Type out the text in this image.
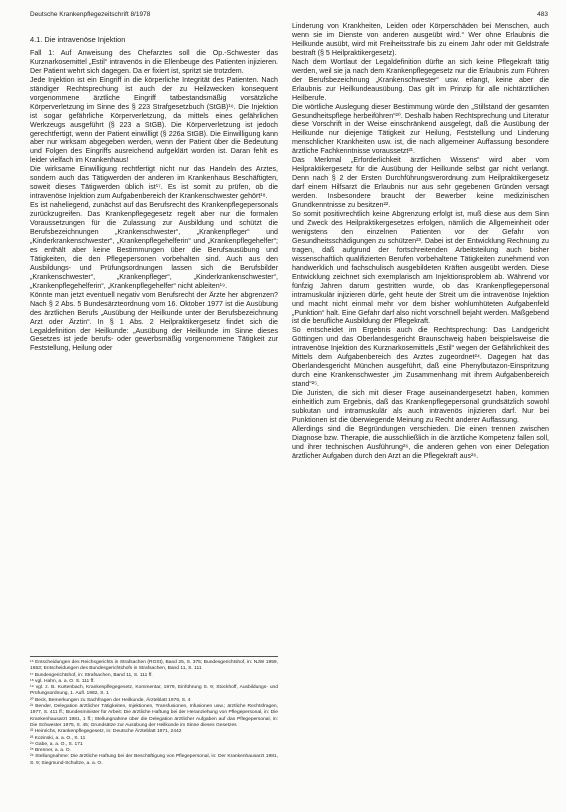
Deutsche Krankenpflegezeitschrift 8/1978	483
4.1. Die intravenöse Injektion

Fall 1: Auf Anweisung des Chefarztes soll die Op.-Schwester das Kurznarkosemittel „Estil“ intravenös in die Ellenbeuge des Patienten injizieren. Der Patient wehrt sich dagegen. Da er fixiert ist, spritzt sie trotzdem.

Jede Injektion ist ein Eingriff in die körperliche Integrität des Patienten. Nach ständiger Rechtsprechung ist auch der zu Heilzwecken konsequent vorgenommene ärztliche Eingriff tatbestandsmäßig vorsätzliche Körperverletzung im Sinne des § 223 Strafgesetzbuch (StGB)¹⁶. Die Injektion ist sogar gefährliche Körperverletzung, da mittels eines gefährlichen Werkzeugs ausgeführt (§ 223 a StGB). Die Körperverletzung ist jedoch gerechtfertigt, wenn der Patient einwilligt (§ 226a StGB). Die Einwilligung kann aber nur wirksam abgegeben werden, wenn der Patient über die Bedeutung und Folgen des Eingriffs ausreichend aufgeklärt worden ist. Daran fehlt es leider vielfach im Krankenhaus!

Die wirksame Einwilligung rechtfertigt nicht nur das Handeln des Arztes, sondern auch das Tätigwerden der anderen im Krankenhaus Beschäftigten, soweit dieses Tätigwerden üblich ist¹⁷. Es ist somit zu prüfen, ob die intravenöse Injektion zum Aufgabenbereich der Krankenschwester gehört¹⁸.

Es ist naheliegend, zunächst auf das Berufsrecht des Krankenpflegepersonals zurückzugreifen. Das Krankenpflegegesetz regelt aber nur die formalen Voraussetzungen für die Zulassung zur Ausbildung und schützt die Berufsbezeichnungen „Krankenschwester“, „Krankenpfleger“ und „Kinderkrankenschwester“, „Krankenpflegehelferin“ und „Krankenpflegehelfer“; es enthält aber keine Bestimmungen über die Berufsausübung und Tätigkeiten, die den Pflegepersonen vorbehalten sind. Auch aus den Ausbildungs- und Prüfungsordnungen lassen sich die Berufsbilder „Krankenschwester“, „Krankenpfleger“, „Kinderkrankenschwester“, „Krankenpflegehelferin“, „Krankenpflegehelfer“ nicht ableiten¹⁹.

Könnte man jetzt eventuell negativ vom Berufsrecht der Ärzte her abgrenzen? Nach § 2 Abs. 5 Bundesärzteordnung vom 16. Oktober 1977 ist die Ausübung des ärztlichen Berufs „Ausübung der Heilkunde unter der Berufsbezeichnung Arzt oder Ärztin“. In § 1 Abs. 2 Heilpraktikergesetz findet sich die Legaldefinition der Heilkunde: „Ausübung der Heilkunde im Sinne dieses Gesetzes ist jede berufs- oder gewerbsmäßig vorgenommene Tätigkeit zur Feststellung, Heilung oder

¹⁶ Entscheidungen des Reichsgerichts in Strafsachen (RGSt), Band 25, S. 375; Bundesgerichtshof, in: NJW 1959, 1653; Entscheidungen des Bundesgerichtshofs in Strafsachen, Band 11, S. 111

¹⁷ Bundesgerichtshof, in: Strafsachen, Band 11, S. 111 ff.

¹⁸ vgl. Hahn, a. a. O. S. 111 ff.

¹⁹ vgl. z. B. Kurtenbach, Krankenpflegegesetz, Kommentar, 1979, Einführung S. 9; Stockhoff, Ausbildungs- und Prüfungsordnung, 1. Aufl. 1982, S. 1

²⁰ Beck, Bemerkungen zu Sachfragen der Heilkunde, Ärzteblatt 1976, S. 4

²¹ Bender, Delegation ärztlicher Tätigkeiten, Injektionen, Transfusionen, Infusionen usw.; ärztliche Rechtsfragen, 1977, S. 411 ff.; Bundesminister für Arbeit: Die ärztliche Haftung bei der Heranziehung von Pflegepersonal, in: Die Krankenhausarzt 1981, 1 ff.; Stellungnahme über die Delegation ärztlicher Aufgaben auf das Pflegepersonal, in: Die Schwester 1975, S. 45; Grundsätze zur Ausübung der Heilkunde im Sinne dieses Gesetzes

²² Heinrichs, Krankenpflegegesetz, in: Deutsche Ärzteblatt 1971, 2442

²³ Kozinski, a. a. O., S. 11

²⁴ Gabe, a. a. O., S. 171

²⁵ Brenner, a. a. O.

²⁶ Stellungnahme: Die ärztliche Haftung bei der Beschäftigung von Pflegepersonal, in: Der Krankenhausarzt 1981, S. 9; Siegmund-Schultze, a. a. O.

Linderung von Krankheiten, Leiden oder Körperschäden bei Menschen, auch wenn sie im Dienste von anderen ausgeübt wird.“ Wer ohne Erlaubnis die Heilkunde ausübt, wird mit Freiheitsstrafe bis zu einem Jahr oder mit Geldstrafe bestraft (§ 5 Heilpraktikergesetz).

Nach dem Wortlaut der Legaldefinition dürfte an sich keine Pflegekraft tätig werden, weil sie ja nach dem Krankenpflegegesetz nur die Erlaubnis zum Führen der Berufsbezeichnung „Krankenschwester“ usw. erlangt, keine aber die Erlaubnis zur Heilkundeausübung. Das gilt im Prinzip für alle nichtärztlichen Heilberufe.

Die wörtliche Auslegung dieser Bestimmung würde den „Stillstand der gesamten Gesundheitspflege herbeiführen“²⁰. Deshalb haben Rechtsprechung und Literatur diese Vorschrift in der Weise einschränkend ausgelegt, daß die Ausübung der Heilkunde nur diejenige Tätigkeit zur Heilung, Feststellung und Linderung menschlicher Krankheiten usw. ist, die nach allgemeiner Auffassung besondere ärztliche Fachkenntnisse voraussetzt²¹.

Das Merkmal „Erforderlichkeit ärztlichen Wissens“ wird aber vom Heilpraktikergesetz für die Ausübung der Heilkunde selbst gar nicht verlangt. Denn nach § 2 der Ersten Durchführungsverordnung zum Heilpraktikergesetz darf einem Hilfsarzt die Erlaubnis nur aus sehr gegebenen Gründen versagt werden. Insbesondere braucht der Bewerber keine medizinischen Grundkenntnisse zu besitzen²².

So somit positivrechtlich keine Abgrenzung erfolgt ist, muß diese aus dem Sinn und Zweck des Heilpraktikergesetzes erfolgen, nämlich die Allgemeinheit oder wenigstens den einzelnen Patienten vor der Gefahr von Gesundheitsschädigungen zu schützen²³. Dabei ist der Entwicklung Rechnung zu tragen, daß aufgrund der fortschreitenden Arbeitsteilung auch bisher wissenschaftlich qualifizierten Berufen vorbehaltene Tätigkeiten zunehmend von handwerklich und fachschulisch ausgebildeten Kräften ausgeübt werden. Diese Entwicklung zeichnet sich exemplarisch am Injektionsproblem ab. Während vor fünfzig Jahren darum gestritten wurde, ob das Krankenpflegepersonal intramuskulär injizieren dürfe, geht heute der Streit um die intravenöse Injektion und macht nicht einmal mehr vor dem bisher wohlumhüteten Aufgabenfeld „Punktion“ halt. Eine Gefahr darf also nicht vorschnell bejaht werden. Maßgebend ist die berufliche Ausbildung der Pflegekraft.

So entscheidet im Ergebnis auch die Rechtsprechung: Das Landgericht Göttingen und das Oberlandesgericht Braunschweig haben beispielsweise die intravenöse Injektion des Kurznarkosemittels „Estil“ wegen der Gefährlichkeit des Mittels dem Aufgabenbereich des Arztes zugeordnet²⁴. Dagegen hat das Oberlandesgericht München ausgeführt, daß eine Phenylbutazon-Einspritzung durch eine Krankenschwester „im Zusammenhang mit ihrem Aufgabenbereich stand“²⁵.

Die Juristen, die sich mit dieser Frage auseinandergesetzt haben, kommen einheitlich zum Ergebnis, daß das Krankenpflegepersonal grundsätzlich sowohl subkutan und intramuskulär als auch intravenös injizieren darf. Nur bei Punktionen ist die überwiegende Meinung zu Recht anderer Auffassung.

Allerdings sind die Begründungen verschieden. Die einen trennen zwischen Diagnose bzw. Therapie, die ausschließlich in die ärztliche Kompetenz fallen soll, und ihrer technischen Ausführung²⁶, die anderen gehen von einer Delegation ärztlicher Aufgaben durch den Arzt an die Pflegekraft aus²⁶.
